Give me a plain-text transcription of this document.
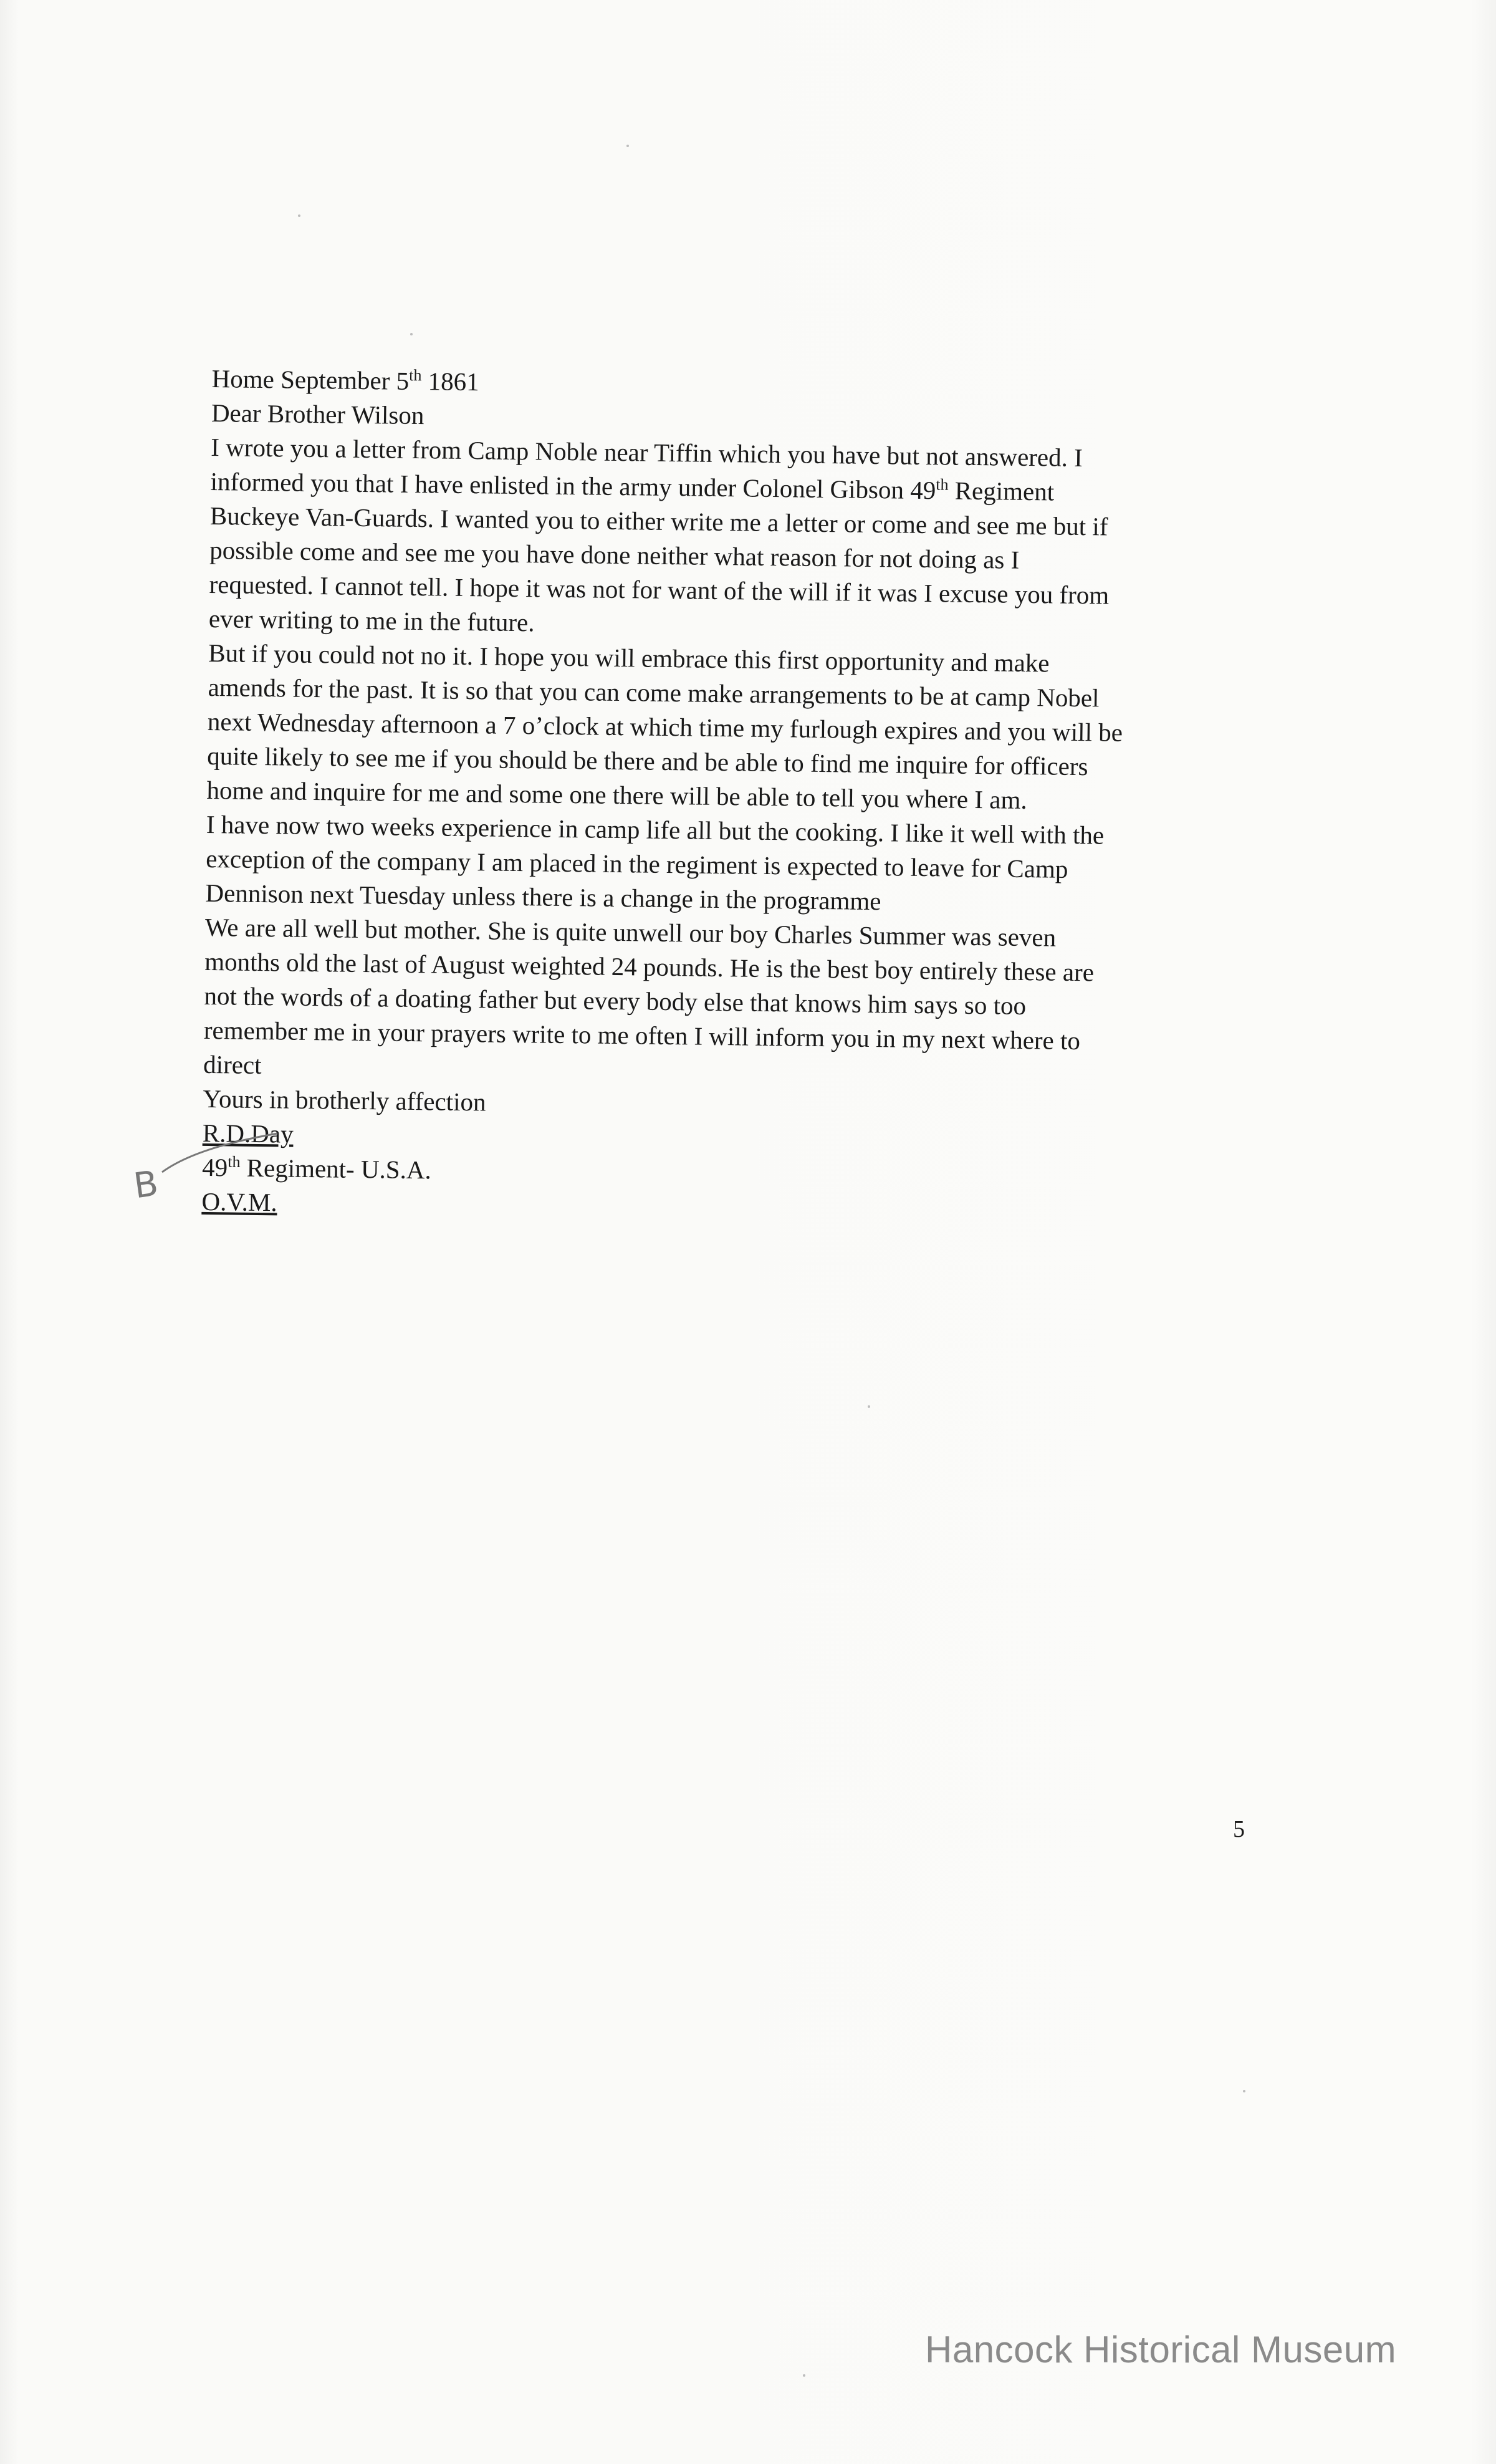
Home September 5th 1861

Dear Brother Wilson

I wrote you a letter from Camp Noble near Tiffin which you have but not answered. I

informed you that I have enlisted in the army under Colonel Gibson 49th Regiment

Buckeye Van-Guards. I wanted you to either write me a letter or come and see me but if

possible come and see me you have done neither what reason for not doing as I

requested. I cannot tell. I hope it was not for want of the will if it was I excuse you from

ever writing to me in the future.

But if you could not no it. I hope you will embrace this first opportunity and make

amends for the past. It is so that you can come make arrangements to be at camp Nobel

next Wednesday afternoon a 7 o’clock at which time my furlough expires and you will be

quite likely to see me if you should be there and be able to find me inquire for officers

home and inquire for me and some one there will be able to tell you where I am.

I have now two weeks experience in camp life all but the cooking. I like it well with the

exception of the company I am placed in the regiment is expected to leave for Camp

Dennison next Tuesday unless there is a change in the programme

We are all well but mother. She is quite unwell our boy Charles Summer was seven

months old the last of August weighted 24 pounds. He is the best boy entirely these are

not the words of a doating father but every body else that knows him says so too

remember me in your prayers write to me often I will inform you in my next where to

direct

Yours in brotherly affection

R.D.Day

49th Regiment- U.S.A.

O.V.M.

B
5
Hancock Historical Museum
